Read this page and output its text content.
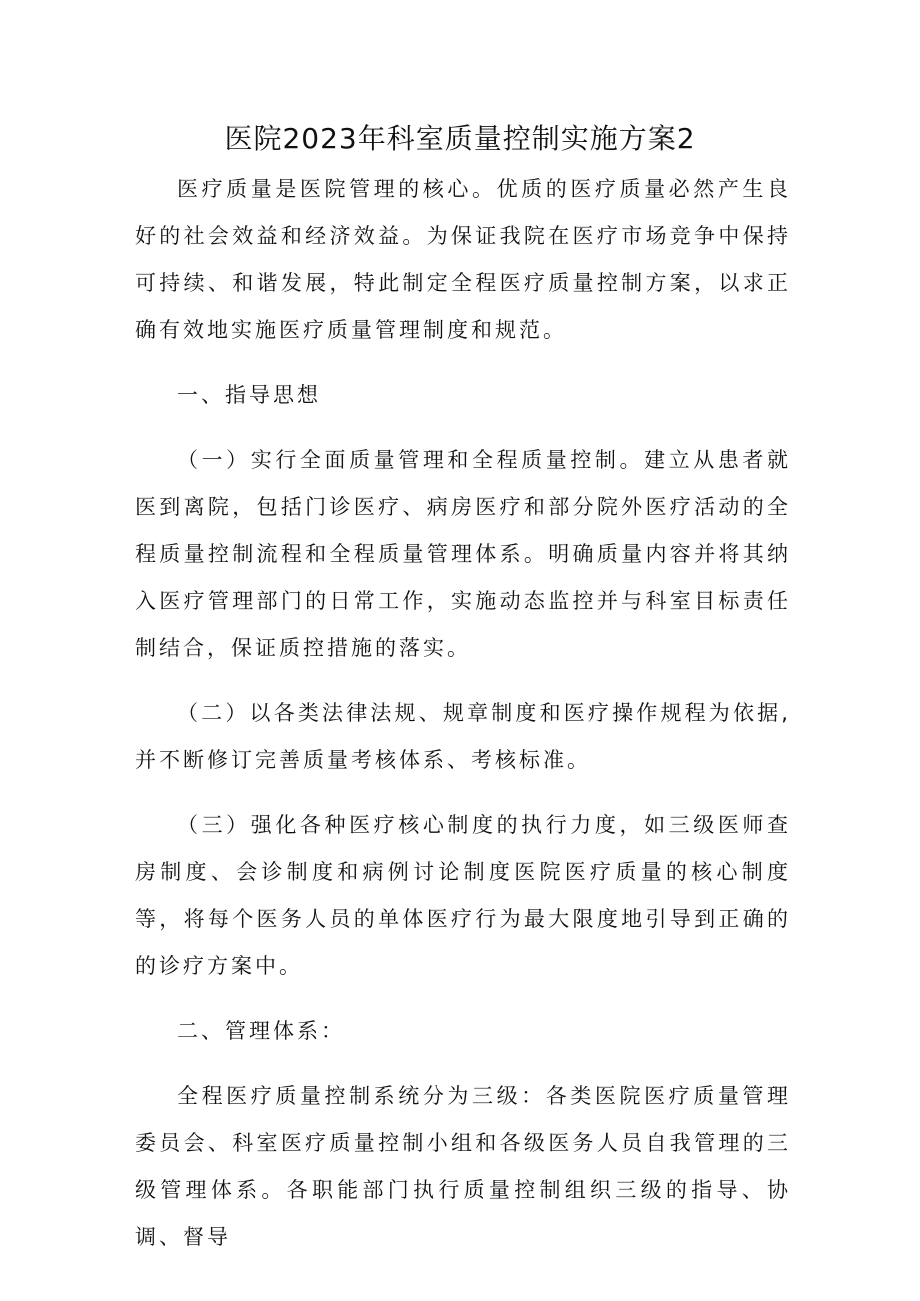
医院2023年科室质量控制实施方案2

医疗质量是医院管理的核心。优质的医疗质量必然产生良好的社会效益和经济效益。为保证我院在医疗市场竞争中保持可持续、和谐发展，特此制定全程医疗质量控制方案，以求正确有效地实施医疗质量管理制度和规范。

一、指导思想

（一）实行全面质量管理和全程质量控制。建立从患者就医到离院，包括门诊医疗、病房医疗和部分院外医疗活动的全程质量控制流程和全程质量管理体系。明确质量内容并将其纳入医疗管理部门的日常工作，实施动态监控并与科室目标责任制结合，保证质控措施的落实。

（二）以各类法律法规、规章制度和医疗操作规程为依据,并不断修订完善质量考核体系、考核标准。

（三）强化各种医疗核心制度的执行力度，如三级医师查房制度、会诊制度和病例讨论制度医院医疗质量的核心制度等，将每个医务人员的单体医疗行为最大限度地引导到正确的的诊疗方案中。

二、管理体系：

全程医疗质量控制系统分为三级：各类医院医疗质量管理委员会、科室医疗质量控制小组和各级医务人员自我管理的三级管理体系。各职能部门执行质量控制组织三级的指导、协调、督导
